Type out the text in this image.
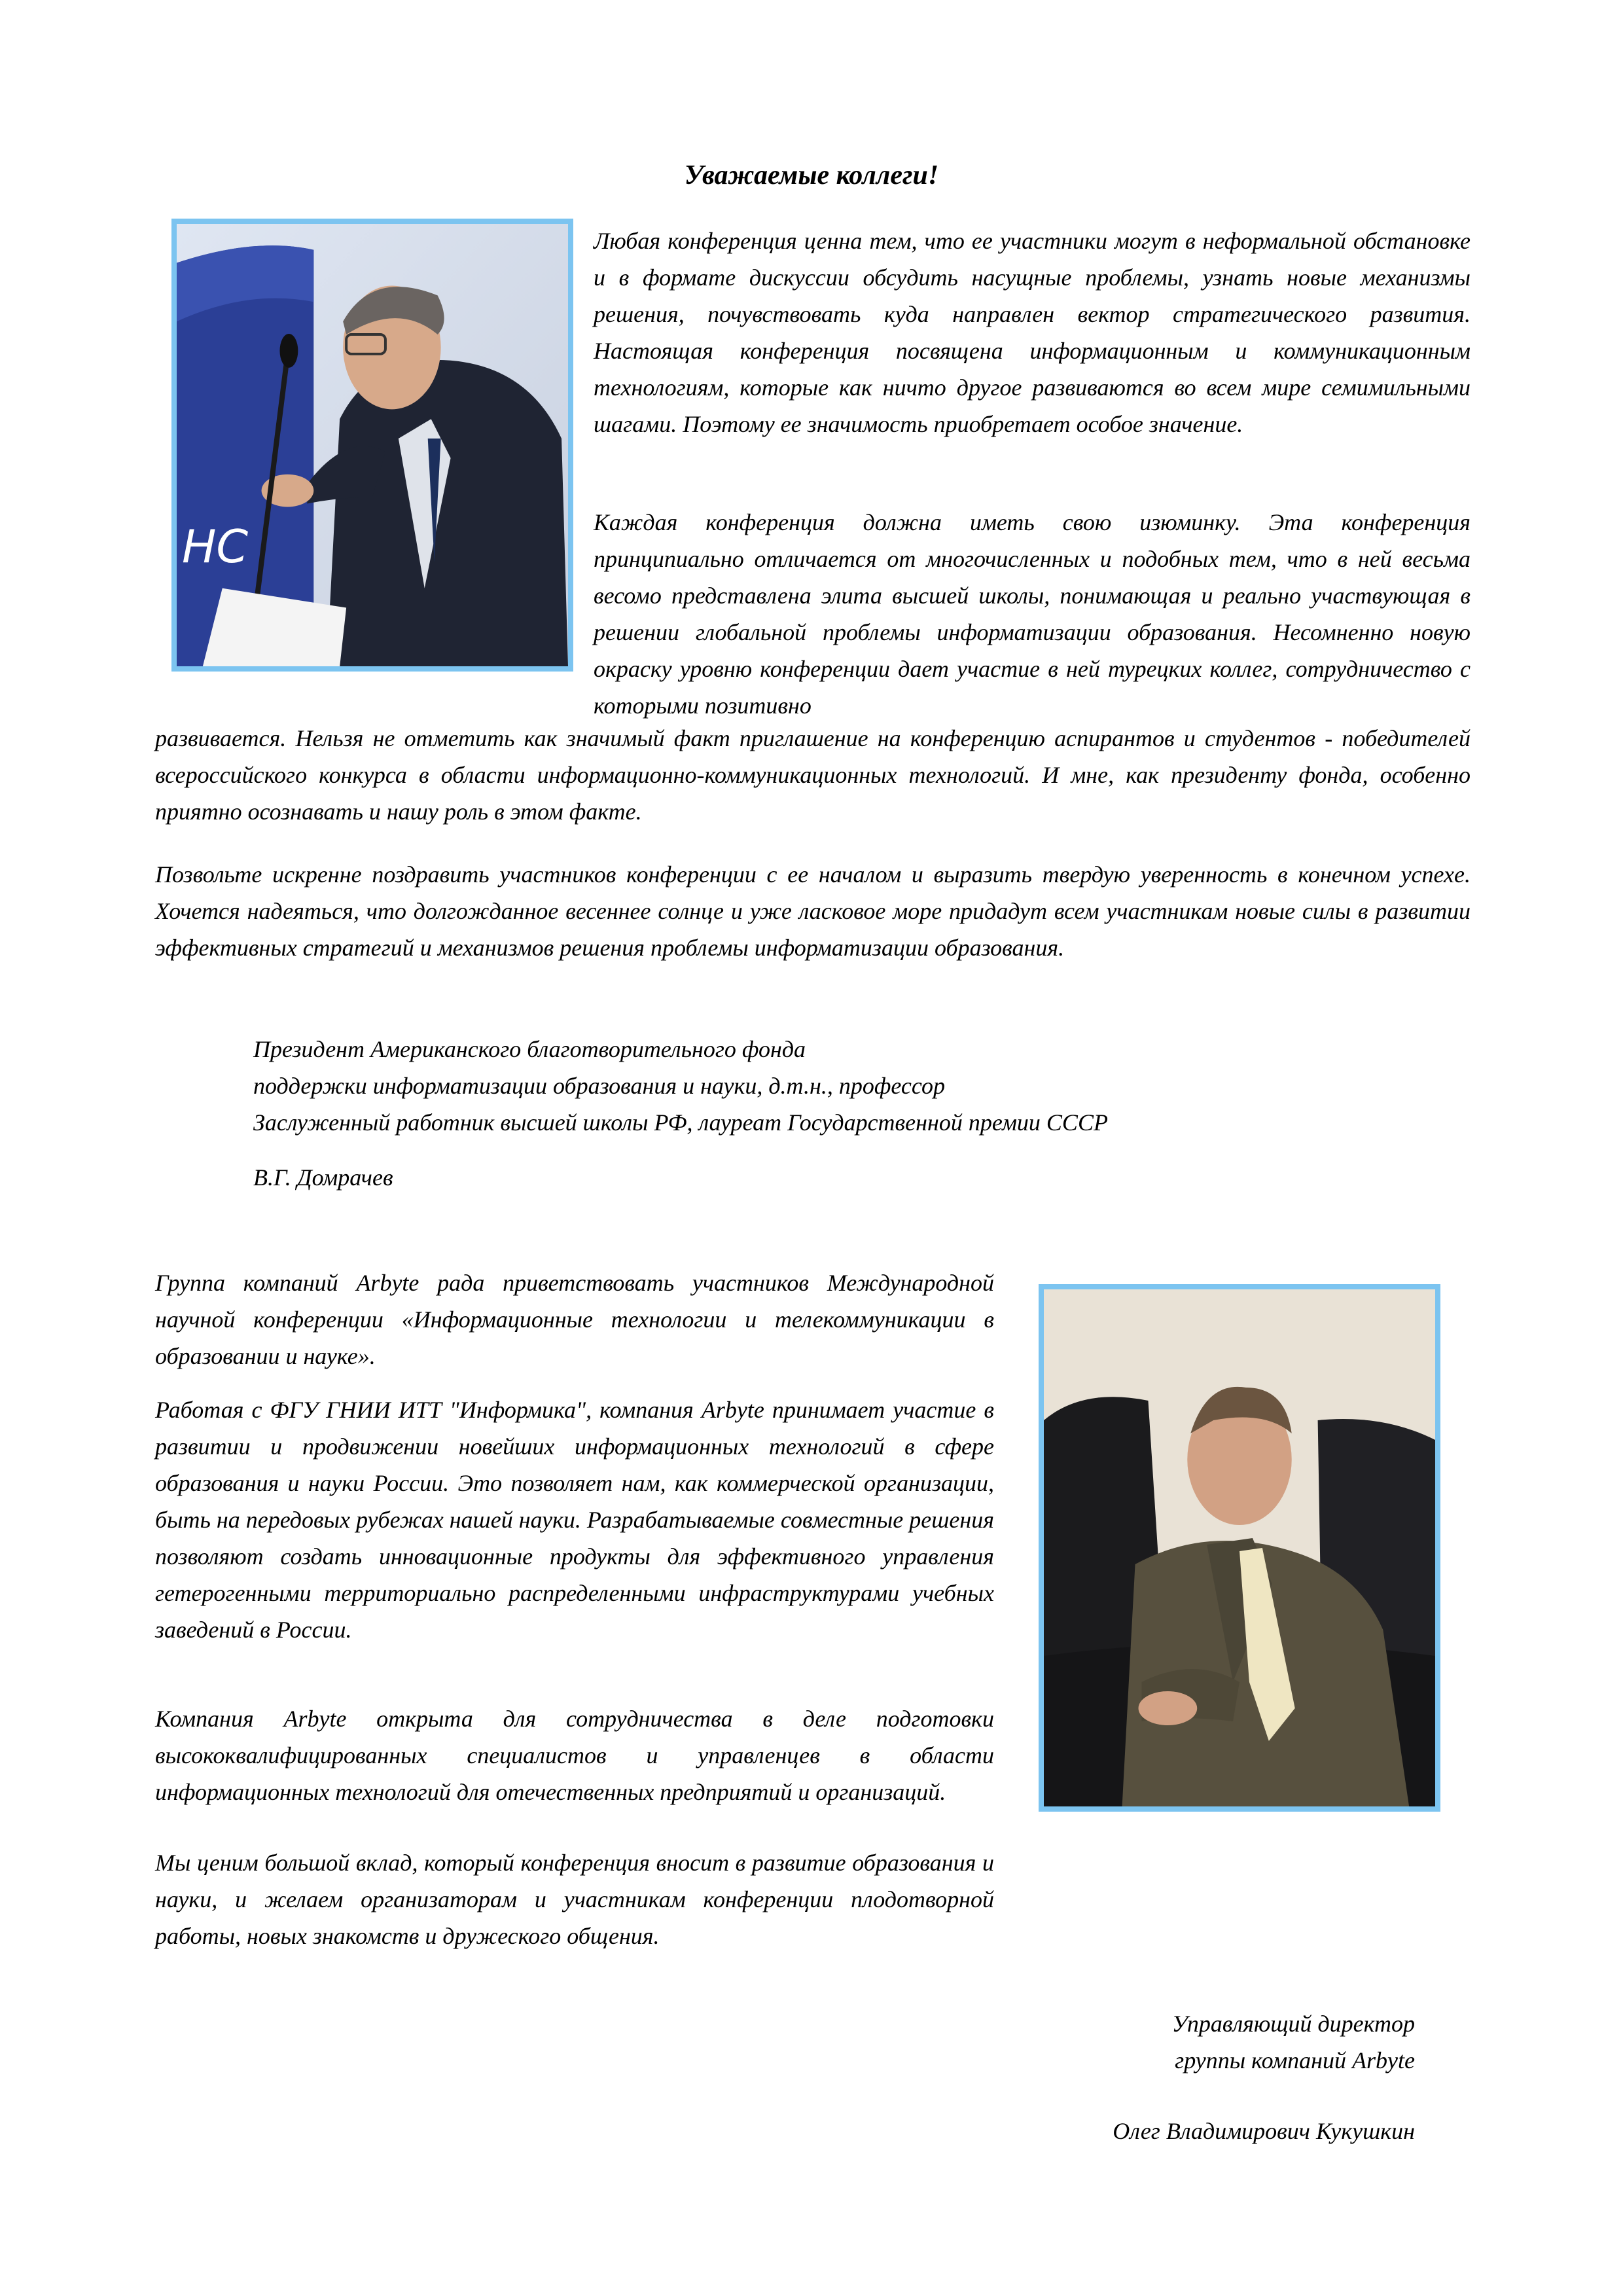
Уважаемые коллеги!
НС

Любая конференция ценна тем, что ее участники могут в неформальной обстановке и в формате дискуссии обсудить насущные проблемы, узнать новые механизмы решения, почувствовать куда направлен вектор стратегического развития. Настоящая конференция посвящена информационным и коммуникационным технологиям, которые как ничто другое развиваются во всем мире семимильными шагами. Поэтому ее значимость приобретает особое значение.

Каждая конференция должна иметь свою изюминку. Эта конференция принципиально отличается от многочисленных и подобных тем, что в ней весьма весомо представлена элита высшей школы, понимающая и реально участвующая в решении глобальной проблемы информатизации образования. Несомненно новую окраску уровню конференции дает участие в ней турецких коллег, сотрудничество с которыми позитивно

развивается. Нельзя не отметить как значимый факт приглашение на конференцию аспирантов и студентов - победителей всероссийского конкурса в области информационно-коммуникационных технологий. И мне, как президенту фонда, особенно приятно осознавать и нашу роль в этом факте.

Позвольте искренне поздравить участников конференции с ее началом и выразить твердую уверенность в конечном успехе. Хочется надеяться, что долгожданное весеннее солнце и уже ласковое море придадут всем участникам новые силы в развитии эффективных стратегий и механизмов решения проблемы информатизации образования.

Президент Американского благотворительного фонда
поддержки информатизации образования и науки, д.т.н., профессор
Заслуженный работник высшей школы РФ, лауреат Государственной премии СССР
В.Г. Домрачев

Группа компаний Arbyte рада приветствовать участников Международной научной конференции «Информационные технологии и телекоммуникации в образовании и науке».

Работая с ФГУ ГНИИ ИТТ "Информика", компания Arbyte принимает участие в развитии и продвижении новейших информационных технологий в сфере образования и науки России. Это позволяет нам, как коммерческой организации, быть на передовых рубежах нашей науки. Разрабатываемые совместные решения позволяют создать инновационные продукты для эффективного управления гетерогенными территориально распределенными инфраструктурами учебных заведений в России.

Компания Arbyte открыта для сотрудничества в деле подготовки высококвалифицированных специалистов и управленцев в области информационных технологий для отечественных предприятий и организаций.

Мы ценим большой вклад, который конференция вносит в развитие образования и науки, и желаем организаторам и участникам конференции плодотворной работы, новых знакомств и дружеского общения.

Управляющий директор
группы компаний Arbyte
Олег Владимирович Кукушкин
